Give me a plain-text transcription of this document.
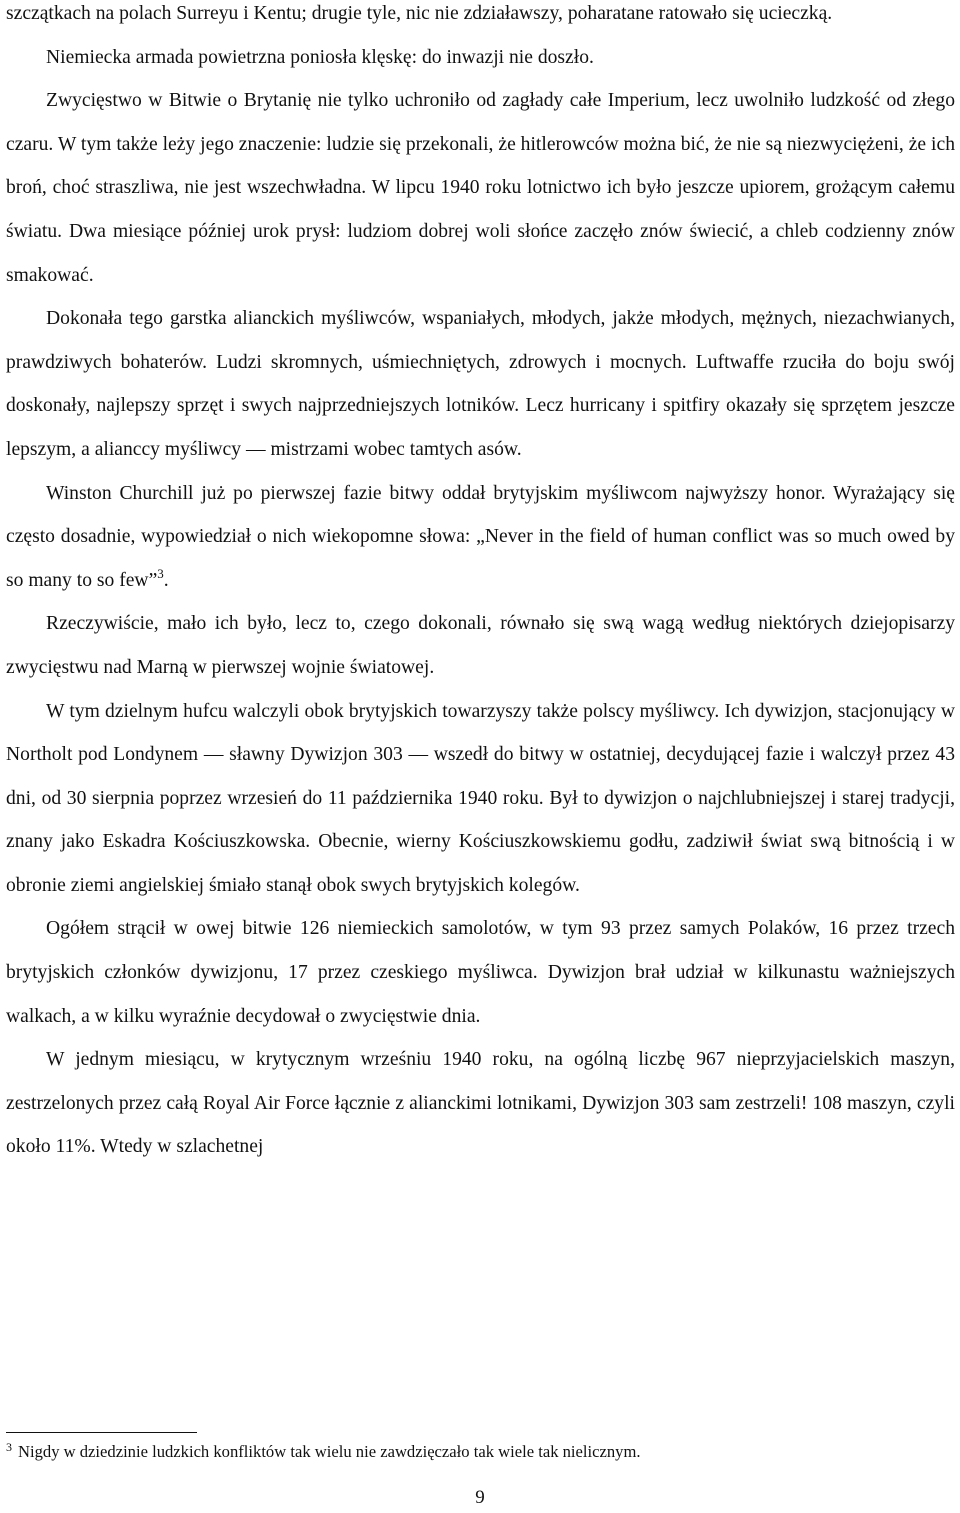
szczątkach na polach Surreyu i Kentu; drugie tyle, nic nie zdziaławszy, poharatane ratowało się ucieczką.

Niemiecka armada powietrzna poniosła klęskę: do inwazji nie doszło.

Zwycięstwo w Bitwie o Brytanię nie tylko uchroniło od zagłady całe Imperium, lecz uwolniło ludzkość od złego czaru. W tym także leży jego znaczenie: ludzie się przekonali, że hitlerowców można bić, że nie są niezwyciężeni, że ich broń, choć straszliwa, nie jest wszechwładna. W lipcu 1940 roku lotnictwo ich było jeszcze upiorem, grożącym całemu światu. Dwa miesiące później urok prysł: ludziom dobrej woli słońce zaczęło znów świecić, a chleb codzienny znów smakować.

Dokonała tego garstka alianckich myśliwców, wspaniałych, młodych, jakże młodych, mężnych, niezachwianych, prawdziwych bohaterów. Ludzi skromnych, uśmiechniętych, zdrowych i mocnych. Luftwaffe rzuciła do boju swój doskonały, najlepszy sprzęt i swych najprzedniejszych lotników. Lecz hurricany i spitfiry okazały się sprzętem jeszcze lepszym, a alianccy myśliwcy — mistrzami wobec tamtych asów.

Winston Churchill już po pierwszej fazie bitwy oddał brytyjskim myśliwcom najwyższy honor. Wyrażający się często dosadnie, wypowiedział o nich wiekopomne słowa: „Never in the field of human conflict was so much owed by so many to so few”$^3$.

Rzeczywiście, mało ich było, lecz to, czego dokonali, równało się swą wagą według niektórych dziejopisarzy zwycięstwu nad Marną w pierwszej wojnie światowej.

W tym dzielnym hufcu walczyli obok brytyjskich towarzyszy także polscy myśliwcy. Ich dywizjon, stacjonujący w Northolt pod Londynem — sławny Dywizjon 303 — wszedł do bitwy w ostatniej, decydującej fazie i walczył przez 43 dni, od 30 sierpnia poprzez wrzesień do 11 października 1940 roku. Był to dywizjon o najchlubniejszej i starej tradycji, znany jako Eskadra Kościuszkowska. Obecnie, wierny Kościuszkowskiemu godłu, zadziwił świat swą bitnością i w obronie ziemi angielskiej śmiało stanął obok swych brytyjskich kolegów.

Ogółem strącił w owej bitwie 126 niemieckich samolotów, w tym 93 przez samych Polaków, 16 przez trzech brytyjskich członków dywizjonu, 17 przez czeskiego myśliwca. Dywizjon brał udział w kilkunastu ważniejszych walkach, a w kilku wyraźnie decydował o zwycięstwie dnia.

W jednym miesiącu, w krytycznym wrześniu 1940 roku, na ogólną liczbę 967 nieprzyjacielskich maszyn, zestrzelonych przez całą Royal Air Force łącznie z alianckimi lotnikami, Dywizjon 303 sam zestrzeli! 108 maszyn, czyli około 11%. Wtedy w szlachetnej

$^3$ Nigdy w dziedzinie ludzkich konfliktów tak wielu nie zawdzięczało tak wiele tak nielicznym.
9
